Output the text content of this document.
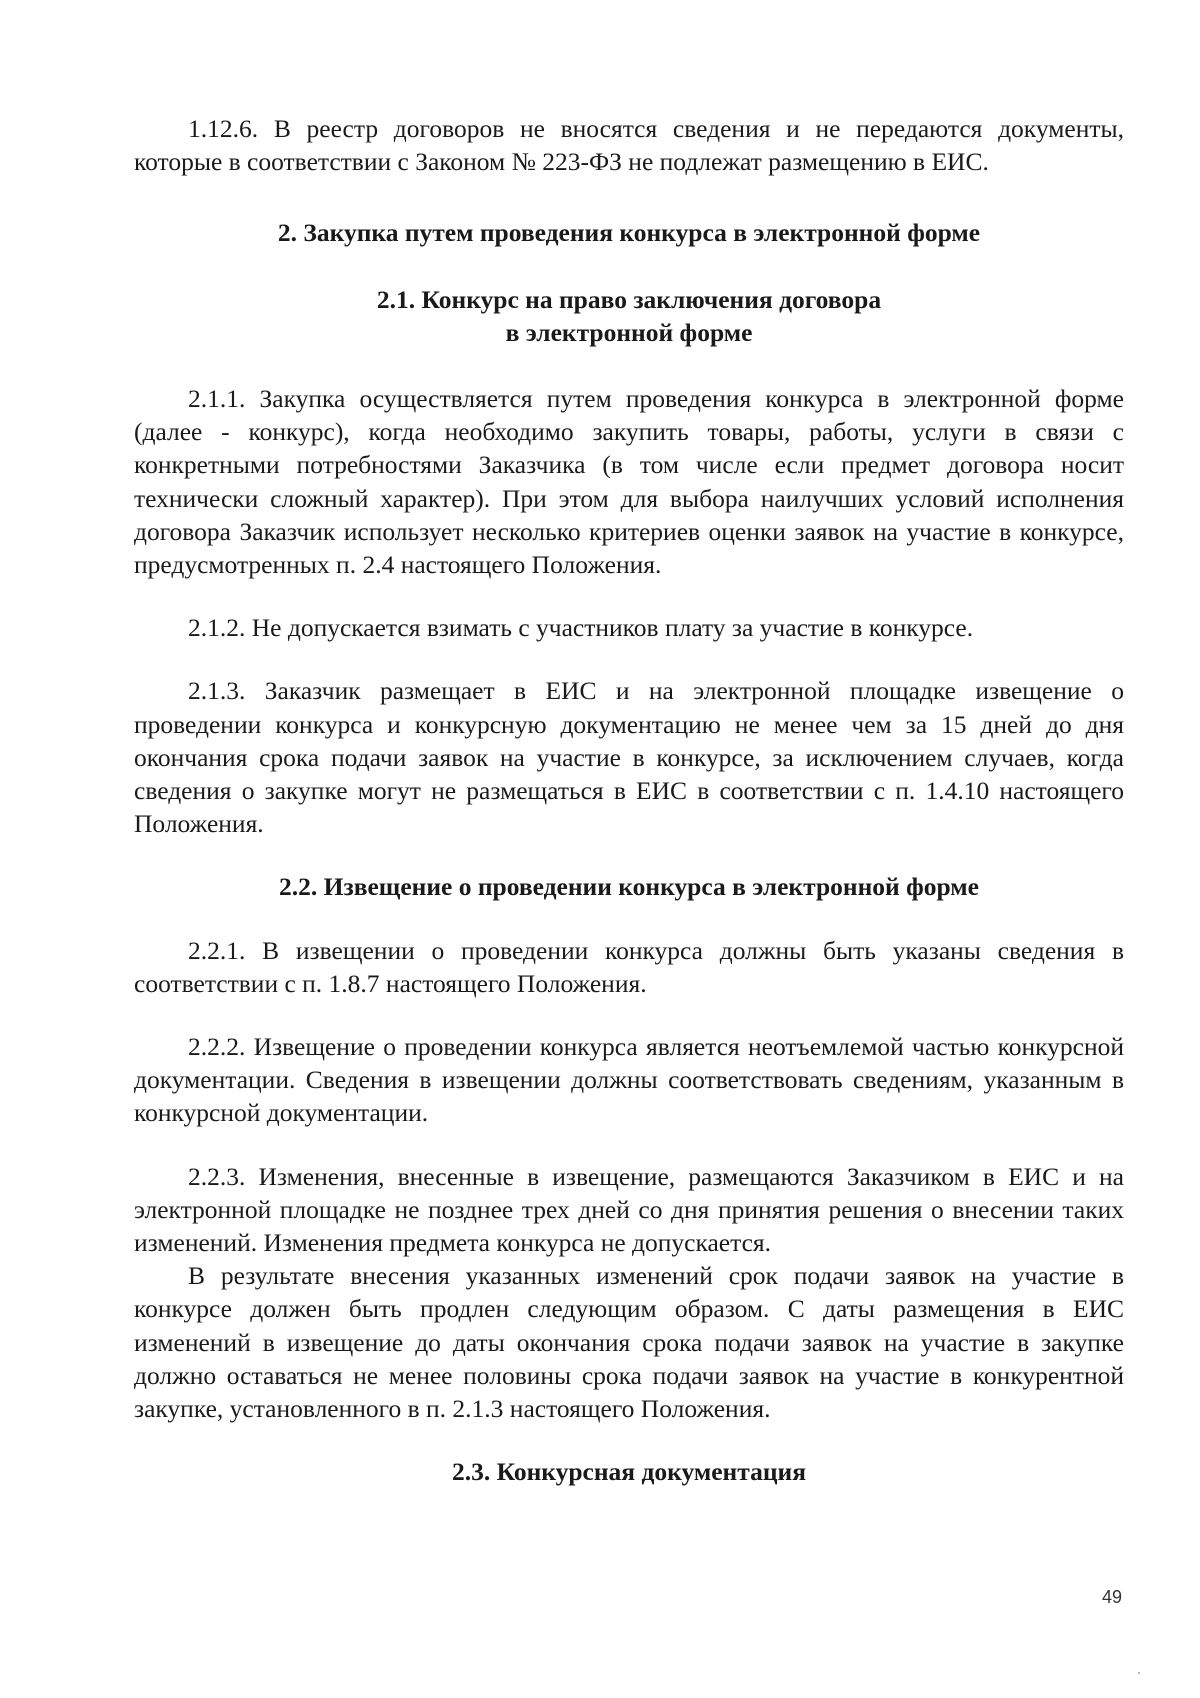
1.12.6. В реестр договоров не вносятся сведения и не передаются документы, которые в соответствии с Законом № 223-ФЗ не подлежат размещению в ЕИС.

2. Закупка путем проведения конкурса в электронной форме
2.1. Конкурс на право заключения договора
в электронной форме

2.1.1. Закупка осуществляется путем проведения конкурса в электронной форме (далее - конкурс), когда необходимо закупить товары, работы, услуги в связи с конкретными потребностями Заказчика (в том числе если предмет договора носит технически сложный характер). При этом для выбора наилучших условий исполнения договора Заказчик использует несколько критериев оценки заявок на участие в конкурсе, предусмотренных п. 2.4 настоящего Положения.

2.1.2. Не допускается взимать с участников плату за участие в конкурсе.

2.1.3. Заказчик размещает в ЕИС и на электронной площадке извещение о проведении конкурса и конкурсную документацию не менее чем за 15 дней до дня окончания срока подачи заявок на участие в конкурсе, за исключением случаев, когда сведения о закупке могут не размещаться в ЕИС в соответствии с п. 1.4.10 настоящего Положения.

2.2. Извещение о проведении конкурса в электронной форме

2.2.1. В извещении о проведении конкурса должны быть указаны сведения в соответствии с п. 1.8.7 настоящего Положения.

2.2.2. Извещение о проведении конкурса является неотъемлемой частью конкурсной документации. Сведения в извещении должны соответствовать сведениям, указанным в конкурсной документации.

2.2.3. Изменения, внесенные в извещение, размещаются Заказчиком в ЕИС и на электронной площадке не позднее трех дней со дня принятия решения о внесении таких изменений. Изменения предмета конкурса не допускается.

В результате внесения указанных изменений срок подачи заявок на участие в конкурсе должен быть продлен следующим образом. С даты размещения в ЕИС изменений в извещение до даты окончания срока подачи заявок на участие в закупке должно оставаться не менее половины срока подачи заявок на участие в конкурентной закупке, установленного в п. 2.1.3 настоящего Положения.

2.3. Конкурсная документация
49
